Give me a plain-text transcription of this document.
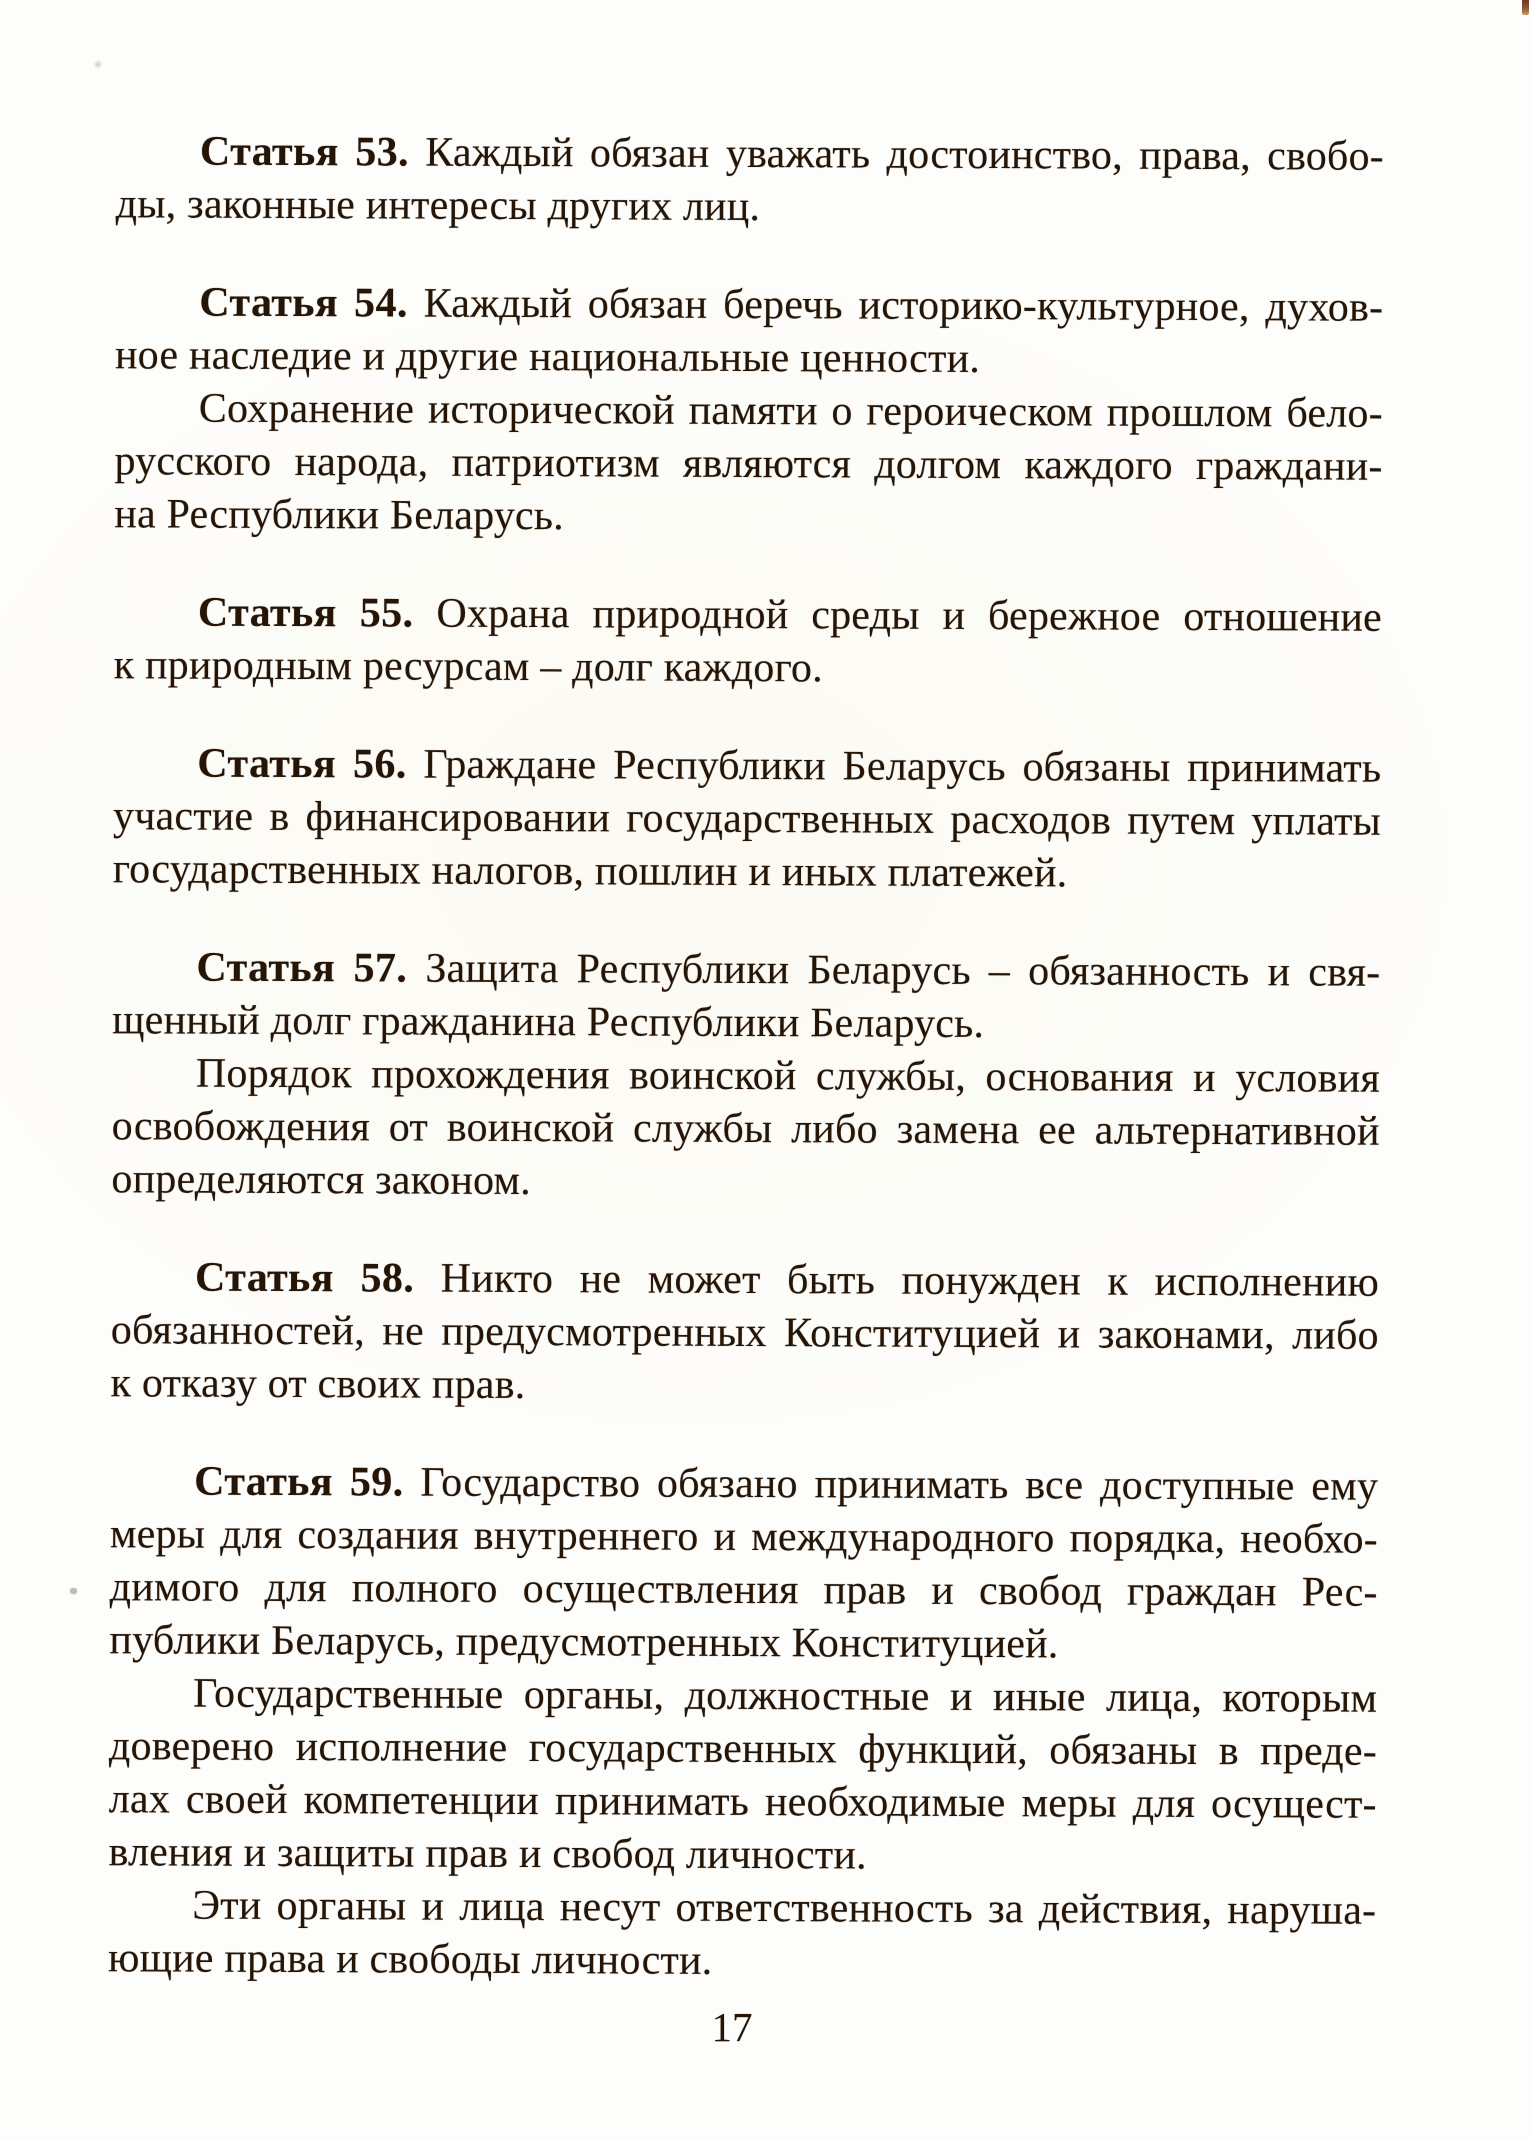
Статья 53. Каждый обязан уважать достоинство, права, свобо-
ды, законные интересы других лиц.
Статья 54. Каждый обязан беречь историко-культурное, духов-
ное наследие и другие национальные ценности.
Сохранение исторической памяти о героическом прошлом бело-
русского народа, патриотизм являются долгом каждого граждани-
на Республики Беларусь.
Статья 55. Охрана природной среды и бережное отношение
к природным ресурсам – долг каждого.
Статья 56. Граждане Республики Беларусь обязаны принимать
участие в финансировании государственных расходов путем уплаты
государственных налогов, пошлин и иных платежей.
Статья 57. Защита Республики Беларусь – обязанность и свя-
щенный долг гражданина Республики Беларусь.
Порядок прохождения воинской службы, основания и условия
освобождения от воинской службы либо замена ее альтернативной
определяются законом.
Статья 58. Никто не может быть понужден к исполнению
обязанностей, не предусмотренных Конституцией и законами, либо
к отказу от своих прав.
Статья 59. Государство обязано принимать все доступные ему
меры для создания внутреннего и международного порядка, необхо-
димого для полного осуществления прав и свобод граждан Рес-
публики Беларусь, предусмотренных Конституцией.
Государственные органы, должностные и иные лица, которым
доверено исполнение государственных функций, обязаны в преде-
лах своей компетенции принимать необходимые меры для осущест-
вления и защиты прав и свобод личности.
Эти органы и лица несут ответственность за действия, наруша-
ющие права и свободы личности.
17
